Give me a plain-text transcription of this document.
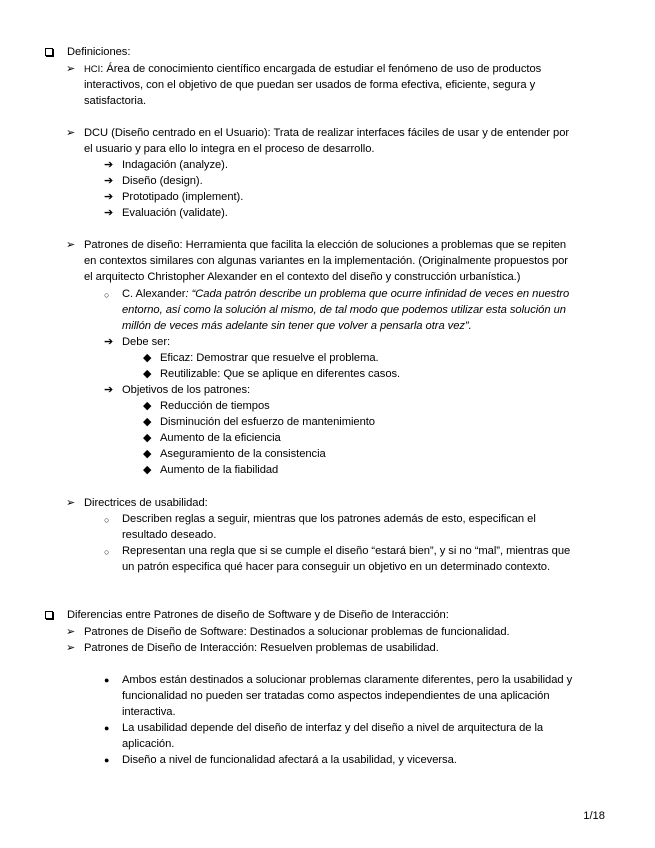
Definiciones:
➢ HCI: Área de conocimiento científico encargada de estudiar el fenómeno de uso de productos
interactivos, con el objetivo de que puedan ser usados de forma efectiva, eficiente, segura y
satisfactoria.
➢ DCU (Diseño centrado en el Usuario): Trata de realizar interfaces fáciles de usar y de entender por
el usuario y para ello lo integra en el proceso de desarrollo.
➔ Indagación (analyze).
➔ Diseño (design).
➔ Prototipado (implement).
➔ Evaluación (validate).
➢ Patrones de diseño: Herramienta que facilita la elección de soluciones a problemas que se repiten
en contextos similares con algunas variantes en la implementación. (Originalmente propuestos por
el arquitecto Christopher Alexander en el contexto del diseño y construcción urbanística.)
○ C. Alexander: “Cada patrón describe un problema que ocurre infinidad de veces en nuestro
entorno, así como la solución al mismo, de tal modo que podemos utilizar esta solución un
millón de veces más adelante sin tener que volver a pensarla otra vez”.
➔ Debe ser:
◆ Eficaz: Demostrar que resuelve el problema.
◆ Reutilizable: Que se aplique en diferentes casos.
➔ Objetivos de los patrones:
◆ Reducción de tiempos
◆ Disminución del esfuerzo de mantenimiento
◆ Aumento de la eficiencia
◆ Aseguramiento de la consistencia
◆ Aumento de la fiabilidad
➢ Directrices de usabilidad:
○ Describen reglas a seguir, mientras que los patrones además de esto, especifican el
resultado deseado.
○ Representan una regla que si se cumple el diseño “estará bien”, y si no “mal”, mientras que
un patrón especifica qué hacer para conseguir un objetivo en un determinado contexto.
Diferencias entre Patrones de diseño de Software y de Diseño de Interacción:
➢ Patrones de Diseño de Software: Destinados a solucionar problemas de funcionalidad.
➢ Patrones de Diseño de Interacción: Resuelven problemas de usabilidad.
● Ambos están destinados a solucionar problemas claramente diferentes, pero la usabilidad y
funcionalidad no pueden ser tratadas como aspectos independientes de una aplicación
interactiva.
● La usabilidad depende del diseño de interfaz y del diseño a nivel de arquitectura de la
aplicación.
● Diseño a nivel de funcionalidad afectará a la usabilidad, y viceversa.
1/18
